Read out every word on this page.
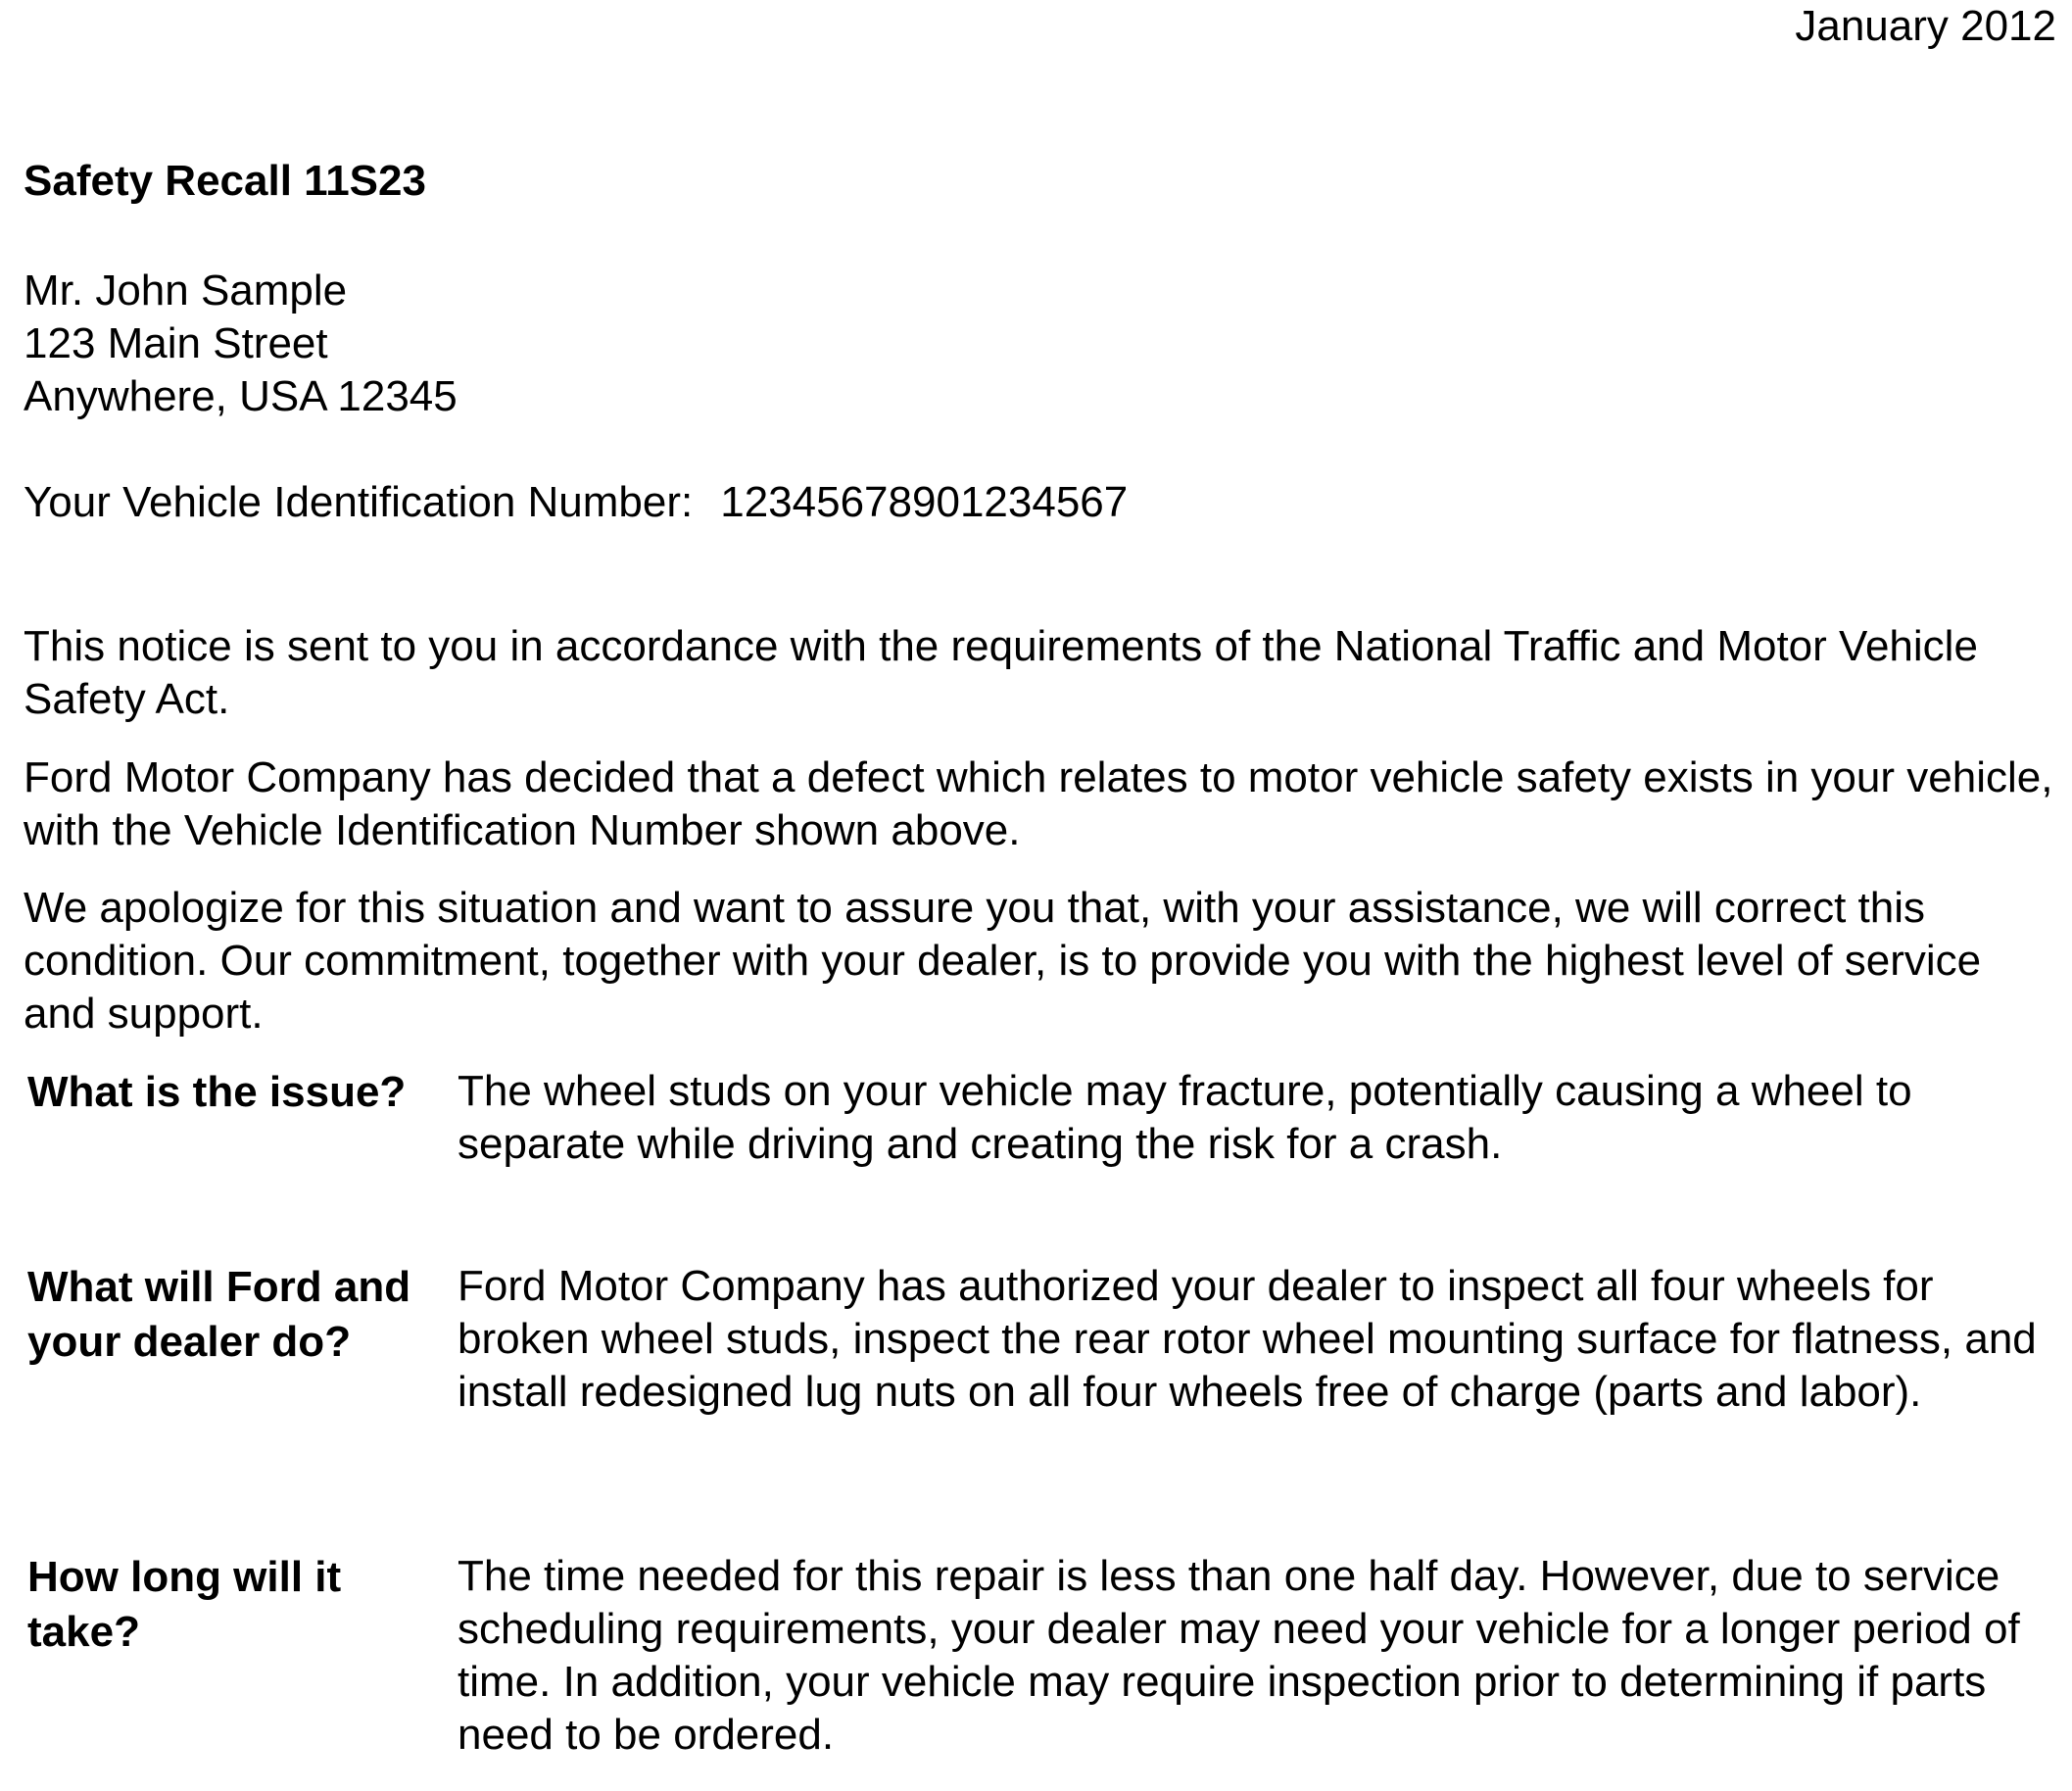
January 2012
Safety Recall 11S23
Mr. John Sample
123 Main Street
Anywhere, USA 12345
Your Vehicle Identification Number: 12345678901234567
This notice is sent to you in accordance with the requirements of the National Traffic and Motor Vehicle Safety Act.
Ford Motor Company has decided that a defect which relates to motor vehicle safety exists in your vehicle, with the Vehicle Identification Number shown above.
We apologize for this situation and want to assure you that, with your assistance, we will correct this condition. Our commitment, together with your dealer, is to provide you with the highest level of service and support.
What is the issue?	The wheel studs on your vehicle may fracture, potentially causing a wheel to separate while driving and creating the risk for a crash.
What will Ford and your dealer do?
Ford Motor Company has authorized your dealer to inspect all four wheels for broken wheel studs, inspect the rear rotor wheel mounting surface for flatness, and install redesigned lug nuts on all four wheels free of charge (parts and labor).
How long will it take?
The time needed for this repair is less than one half day. However, due to service scheduling requirements, your dealer may need your vehicle for a longer period of time. In addition, your vehicle may require inspection prior to determining if parts need to be ordered.
